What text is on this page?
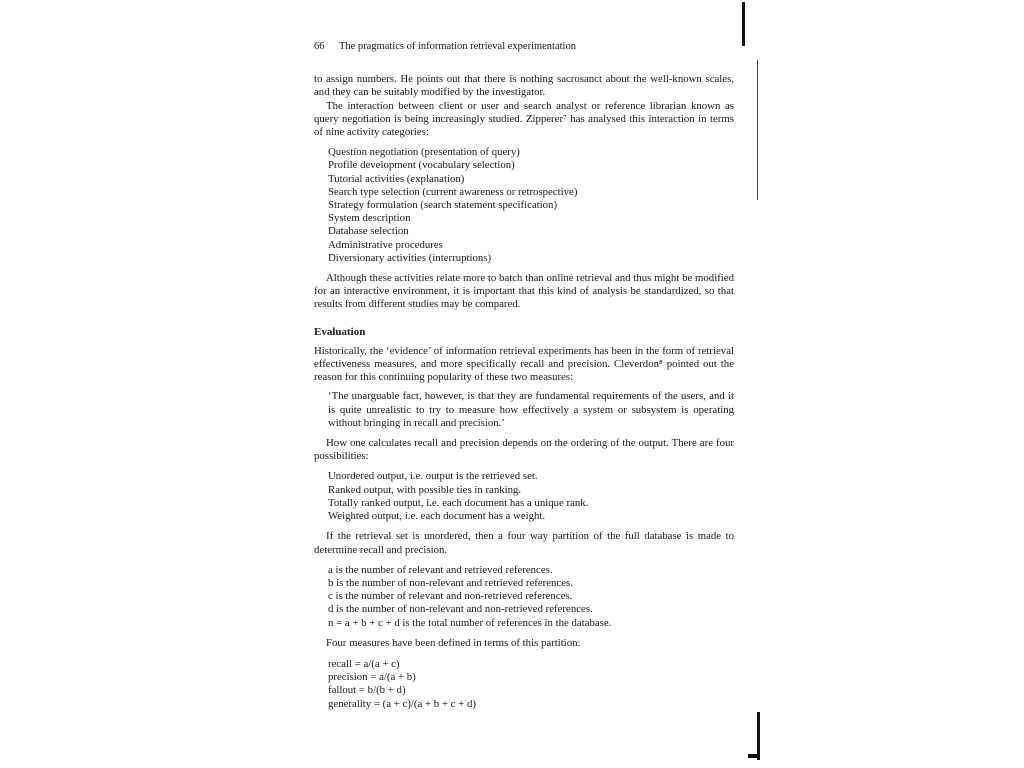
66 The pragmatics of information retrieval experimentation

to assign numbers. He points out that there is nothing sacrosanct about the well-known scales, and they can be suitably modified by the investigator.

The interaction between client or user and search analyst or reference librarian known as query negotiation is being increasingly studied. Zipperer⁷ has analysed this interaction in terms of nine activity categories:

Question negotiation (presentation of query)
Profile development (vocabulary selection)
Tutorial activities (explanation)
Search type selection (current awareness or retrospective)
Strategy formulation (search statement specification)
System description
Database selection
Administrative procedures
Diversionary activities (interruptions)

Although these activities relate more to batch than online retrieval and thus might be modified for an interactive environment, it is important that this kind of analysis be standardized, so that results from different studies may be compared.

Evaluation

Historically, the ‘evidence’ of information retrieval experiments has been in the form of retrieval effectiveness measures, and more specifically recall and precision. Cleverdon⁸ pointed out the reason for this continuing popularity of these two measures:

‘The unarguable fact, however, is that they are fundamental requirements of the users, and it is quite unrealistic to try to measure how effectively a system or subsystem is operating without bringing in recall and precision.’

How one calculates recall and precision depends on the ordering of the output. There are four possibilities:

Unordered output, i.e. output is the retrieved set.
Ranked output, with possible ties in ranking.
Totally ranked output, i.e. each document has a unique rank.
Weighted output, i.e. each document has a weight.

If the retrieval set is unordered, then a four way partition of the full database is made to determine recall and precision.

a is the number of relevant and retrieved references.
b is the number of non-relevant and retrieved references.
c is the number of relevant and non-retrieved references.
d is the number of non-relevant and non-retrieved references.
n = a + b + c + d is the total number of references in the database.

Four measures have been defined in terms of this partition:

recall = a/(a + c)
precision = a/(a + b)
fallout = b/(b + d)
generality = (a + c)/(a + b + c + d)
